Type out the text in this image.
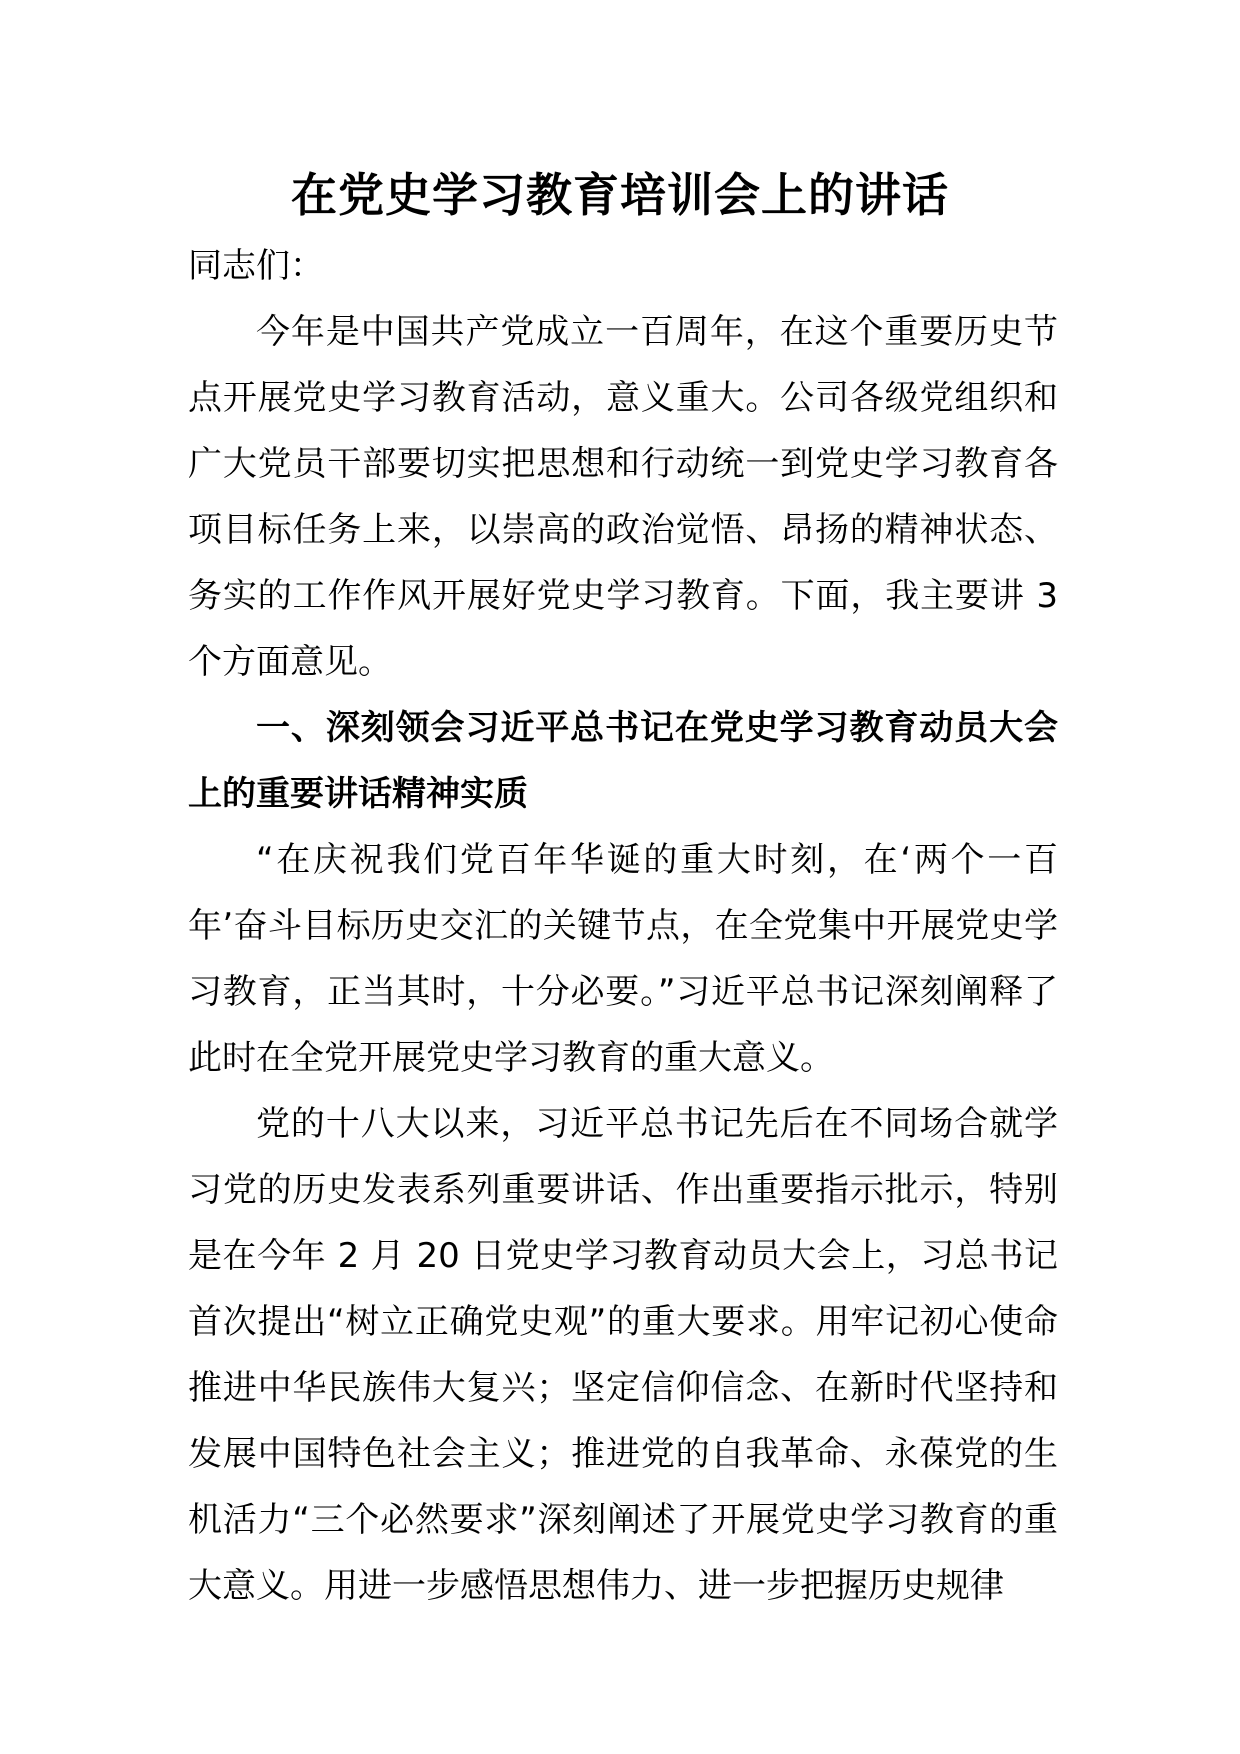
在党史学习教育培训会上的讲话

同志们：

今年是中国共产党成立一百周年，在这个重要历史节点开展党史学习教育活动，意义重大。公司各级党组织和广大党员干部要切实把思想和行动统一到党史学习教育各项目标任务上来，以崇高的政治觉悟、昂扬的精神状态、务实的工作作风开展好党史学习教育。下面，我主要讲 3 个方面意见。

一、深刻领会习近平总书记在党史学习教育动员大会上的重要讲话精神实质

“在庆祝我们党百年华诞的重大时刻，在‘两个一百年’奋斗目标历史交汇的关键节点，在全党集中开展党史学习教育，正当其时，十分必要。”习近平总书记深刻阐释了此时在全党开展党史学习教育的重大意义。

党的十八大以来，习近平总书记先后在不同场合就学习党的历史发表系列重要讲话、作出重要指示批示，特别是在今年 2 月 20 日党史学习教育动员大会上，习总书记首次提出“树立正确党史观”的重大要求。用牢记初心使命推进中华民族伟大复兴；坚定信仰信念、在新时代坚持和发展中国特色社会主义；推进党的自我革命、永葆党的生机活力“三个必然要求”深刻阐述了开展党史学习教育的重大意义。用进一步感悟思想伟力、进一步把握历史规律
